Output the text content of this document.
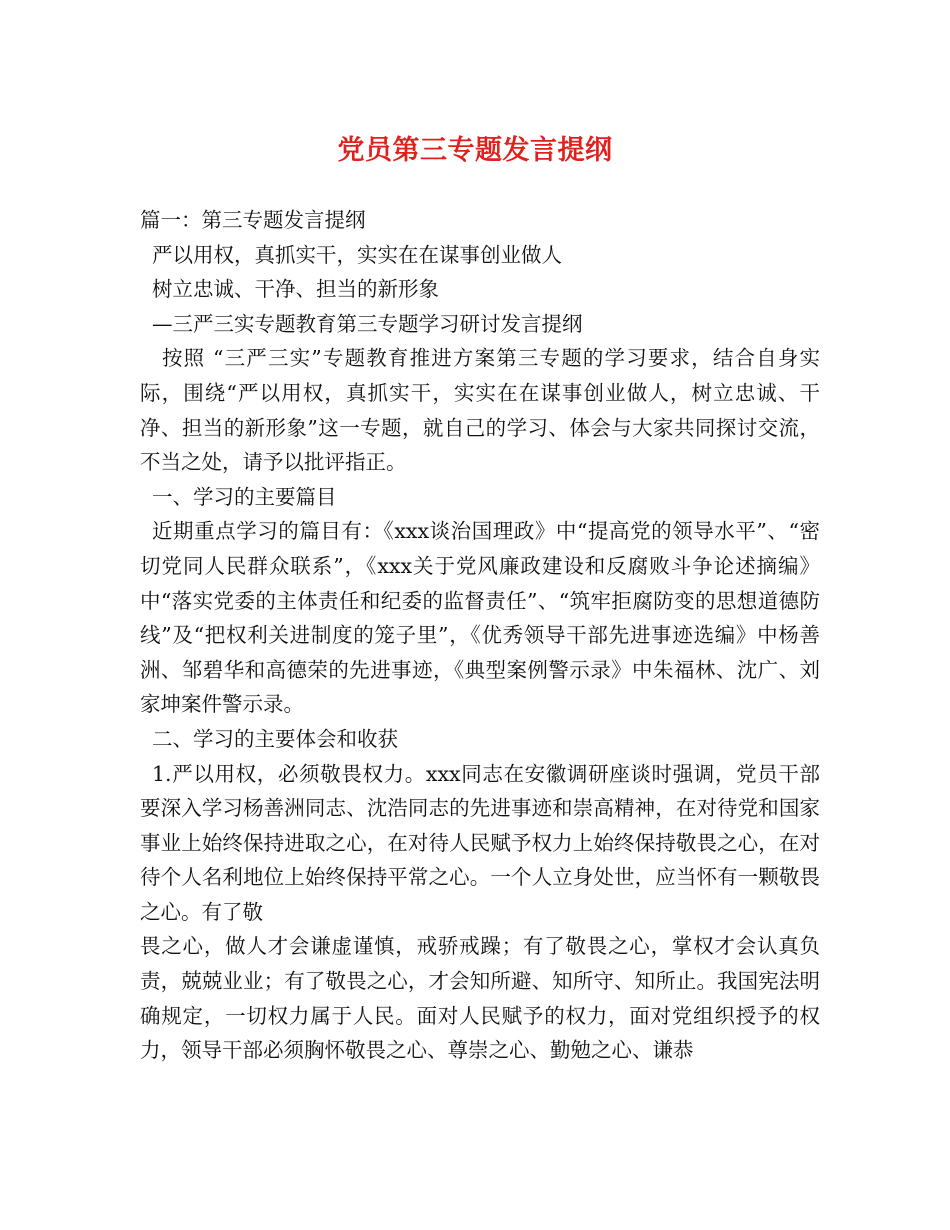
党员第三专题发言提纲

篇一：第三专题发言提纲

严以用权，真抓实干，实实在在谋事创业做人

树立忠诚、干净、担当的新形象

—三严三实专题教育第三专题学习研讨发言提纲

按照 “三严三实”专题教育推进方案第三专题的学习要求，结合自身实际，围绕“严以用权，真抓实干，实实在在谋事创业做人，树立忠诚、干净、担当的新形象”这一专题，就自己的学习、体会与大家共同探讨交流，不当之处，请予以批评指正。

一、学习的主要篇目

近期重点学习的篇目有：《xxx谈治国理政》中“提高党的领导水平”、“密切党同人民群众联系”，《xxx关于党风廉政建设和反腐败斗争论述摘编》中“落实党委的主体责任和纪委的监督责任”、“筑牢拒腐防变的思想道德防线”及“把权利关进制度的笼子里”，《优秀领导干部先进事迹选编》中杨善洲、邹碧华和高德荣的先进事迹，《典型案例警示录》中朱福林、沈广、刘家坤案件警示录。

二、学习的主要体会和收获

1.严以用权，必须敬畏权力。xxx同志在安徽调研座谈时强调，党员干部要深入学习杨善洲同志、沈浩同志的先进事迹和崇高精神，在对待党和国家事业上始终保持进取之心，在对待人民赋予权力上始终保持敬畏之心，在对待个人名利地位上始终保持平常之心。一个人立身处世，应当怀有一颗敬畏之心。有了敬

畏之心，做人才会谦虚谨慎，戒骄戒躁；有了敬畏之心，掌权才会认真负责，兢兢业业；有了敬畏之心，才会知所避、知所守、知所止。我国宪法明确规定，一切权力属于人民。面对人民赋予的权力，面对党组织授予的权力，领导干部必须胸怀敬畏之心、尊崇之心、勤勉之心、谦恭
